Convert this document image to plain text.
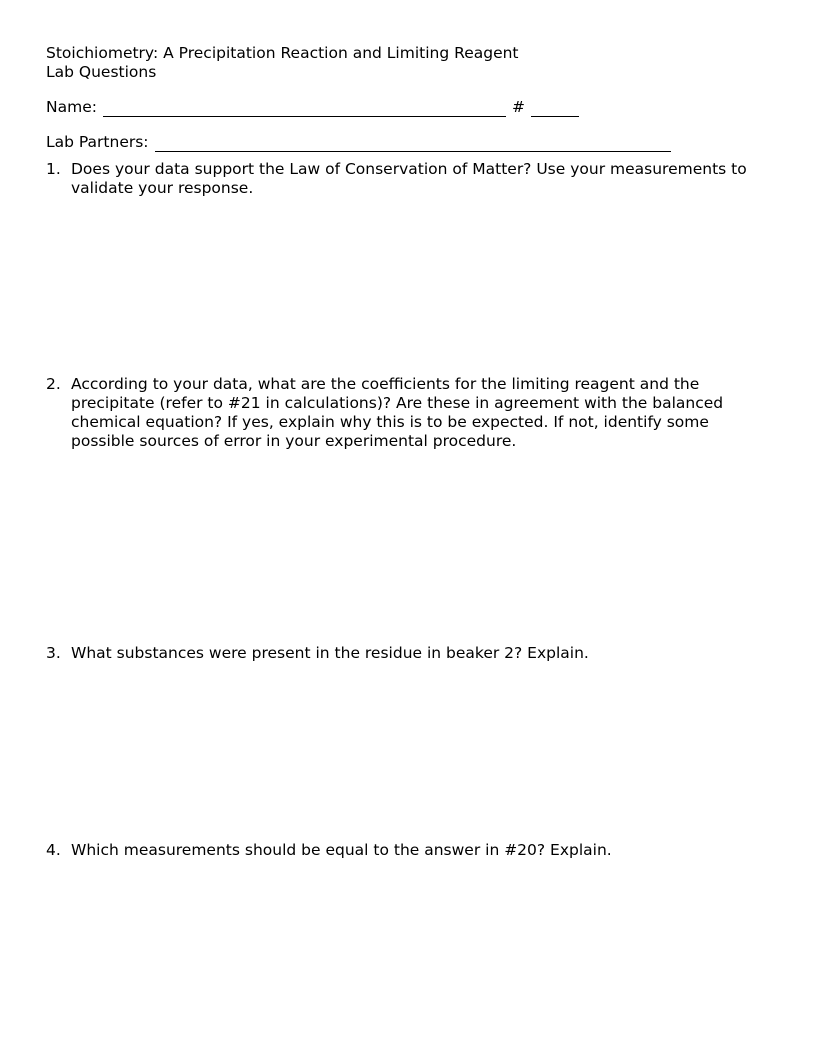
Stoichiometry: A Precipitation Reaction and Limiting Reagent
Lab Questions
Name:	#
Lab Partners:
1. Does your data support the Law of Conservation of Matter? Use your measurements to validate your response.
2. According to your data, what are the coefficients for the limiting reagent and the precipitate (refer to #21 in calculations)? Are these in agreement with the balanced chemical equation? If yes, explain why this is to be expected. If not, identify some possible sources of error in your experimental procedure.
3. What substances were present in the residue in beaker 2? Explain.
4. Which measurements should be equal to the answer in #20? Explain.
